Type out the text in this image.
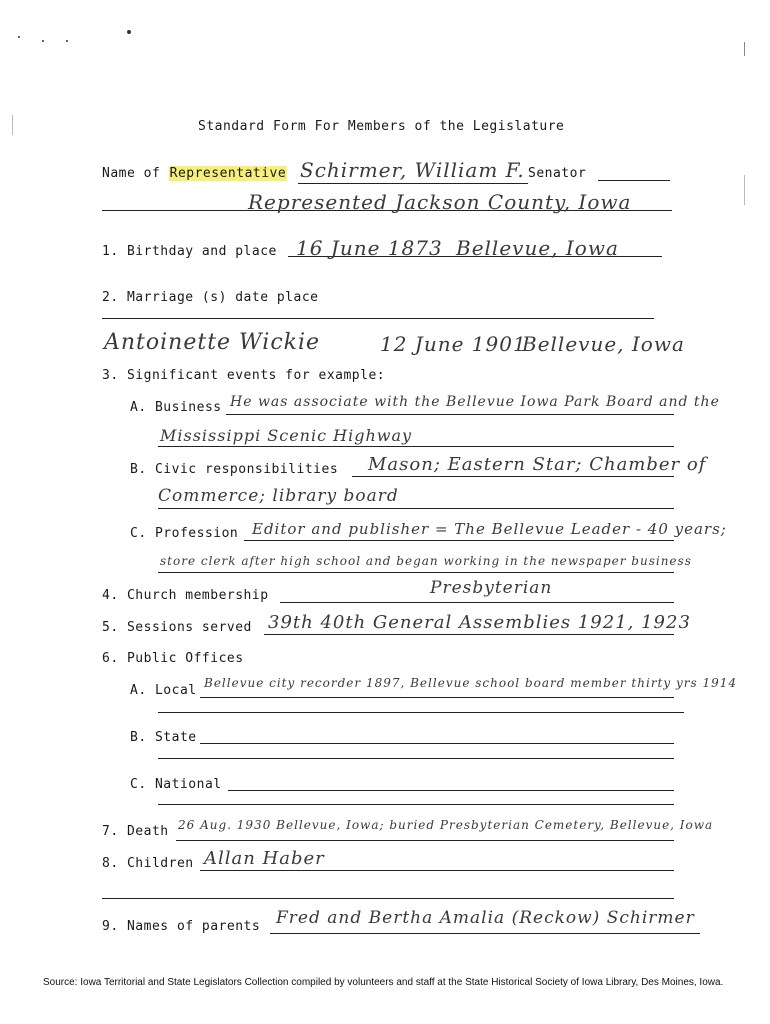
Standard Form For Members of the Legislature
Name of Representative Schirmer, William F. Senator
Represented Jackson County, Iowa
1. Birthday and place 16 June 1873 Bellevue, Iowa
2. Marriage (s) date place
Antoinette Wickie	12 June 1901
Bellevue, Iowa
3. Significant events for example:
A. Business He was associate with the Bellevue Iowa Park Board and the
Mississippi Scenic Highway
B. Civic responsibilities Mason; Eastern Star; Chamber of
Commerce; library board
C. Profession Editor and publisher = The Bellevue Leader - 40 years;
store clerk after high school and began working in the newspaper business
4. Church membership	Presbyterian
5. Sessions served 39th 40th General Assemblies 1921, 1923
6. Public Offices
A. Local Bellevue city recorder 1897, Bellevue school board member thirty yrs 1914
B. State
C. National
7. Death 26 Aug. 1930 Bellevue, Iowa; buried Presbyterian Cemetery, Bellevue, Iowa
8. Children Allan Haber
9. Names of parents Fred and Bertha Amalia (Reckow) Schirmer
Source: Iowa Territorial and State Legislators Collection compiled by volunteers and staff at the State Historical Society of Iowa Library, Des Moines, Iowa.
